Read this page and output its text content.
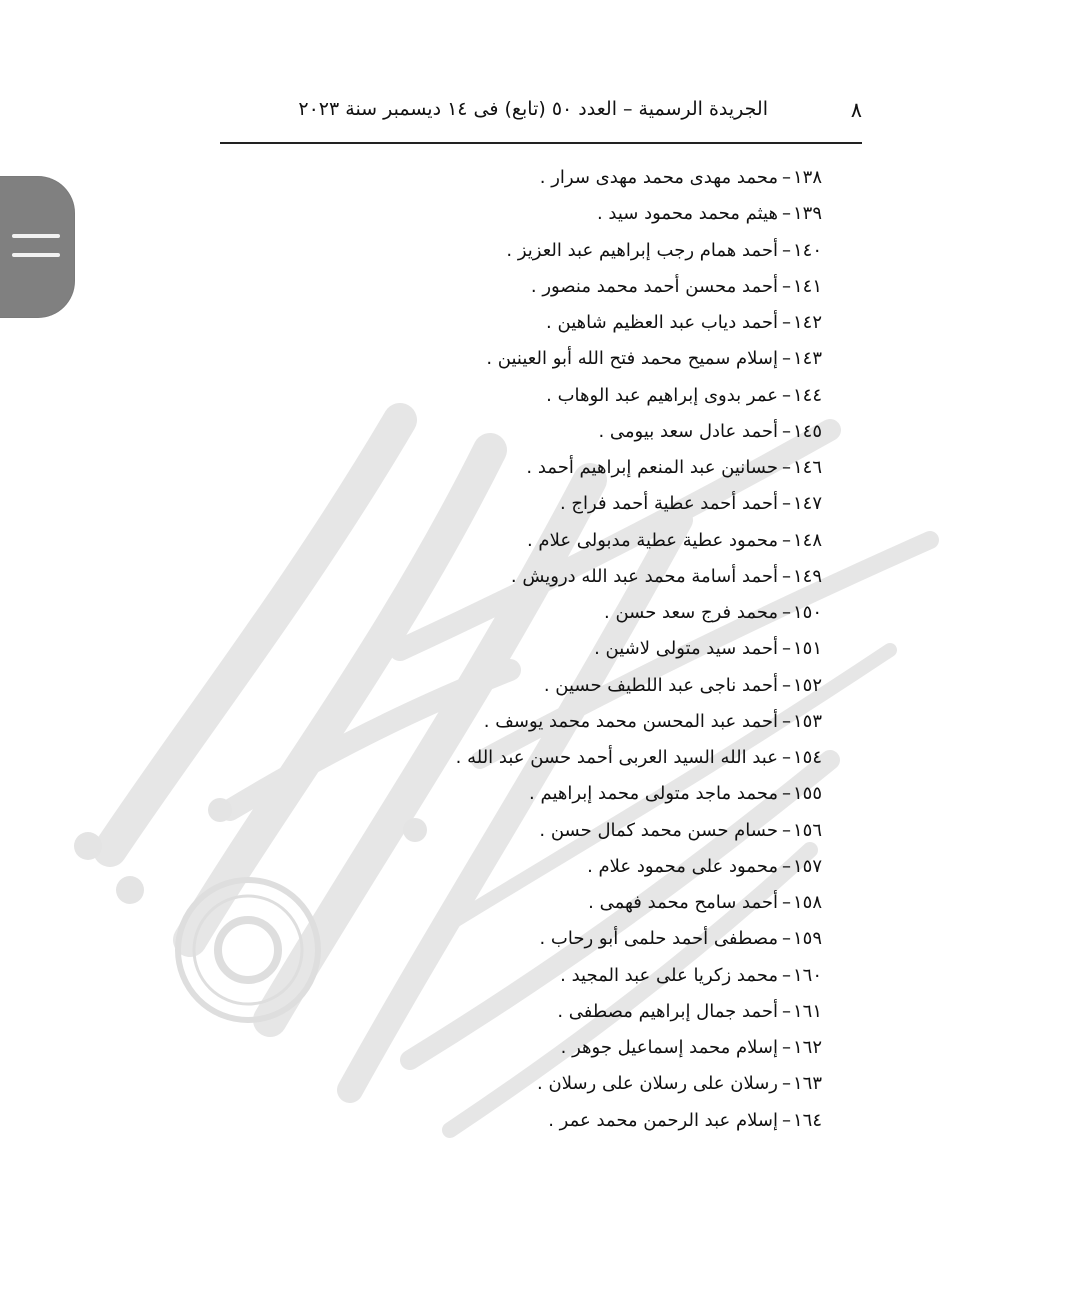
٨
الجريدة الرسمية – العدد ٥٠ (تابع) فى ١٤ ديسمبر سنة ٢٠٢٣
١٣٨–محمد مهدى محمد مهدى سرار .
١٣٩–هيثم محمد محمود سيد .
١٤٠–أحمد همام رجب إبراهيم عبد العزيز .
١٤١–أحمد محسن أحمد محمد منصور .
١٤٢–أحمد دياب عبد العظيم شاهين .
١٤٣–إسلام سميح محمد فتح الله أبو العينين .
١٤٤–عمر بدوى إبراهيم عبد الوهاب .
١٤٥–أحمد عادل سعد بيومى .
١٤٦–حسانين عبد المنعم إبراهيم أحمد .
١٤٧–أحمد أحمد عطية أحمد فراج .
١٤٨–محمود عطية عطية مدبولى علام .
١٤٩–أحمد أسامة محمد عبد الله درويش .
١٥٠–محمد فرج سعد حسن .
١٥١–أحمد سيد متولى لاشين .
١٥٢–أحمد ناجى عبد اللطيف حسين .
١٥٣–أحمد عبد المحسن محمد محمد يوسف .
١٥٤–عبد الله السيد العربى أحمد حسن عبد الله .
١٥٥–محمد ماجد متولى محمد إبراهيم .
١٥٦–حسام حسن محمد كمال حسن .
١٥٧–محمود على محمود علام .
١٥٨–أحمد سامح محمد فهمى .
١٥٩–مصطفى أحمد حلمى أبو رحاب .
١٦٠–محمد زكريا على عبد المجيد .
١٦١–أحمد جمال إبراهيم مصطفى .
١٦٢–إسلام محمد إسماعيل جوهر .
١٦٣–رسلان على رسلان على رسلان .
١٦٤–إسلام عبد الرحمن محمد عمر .
